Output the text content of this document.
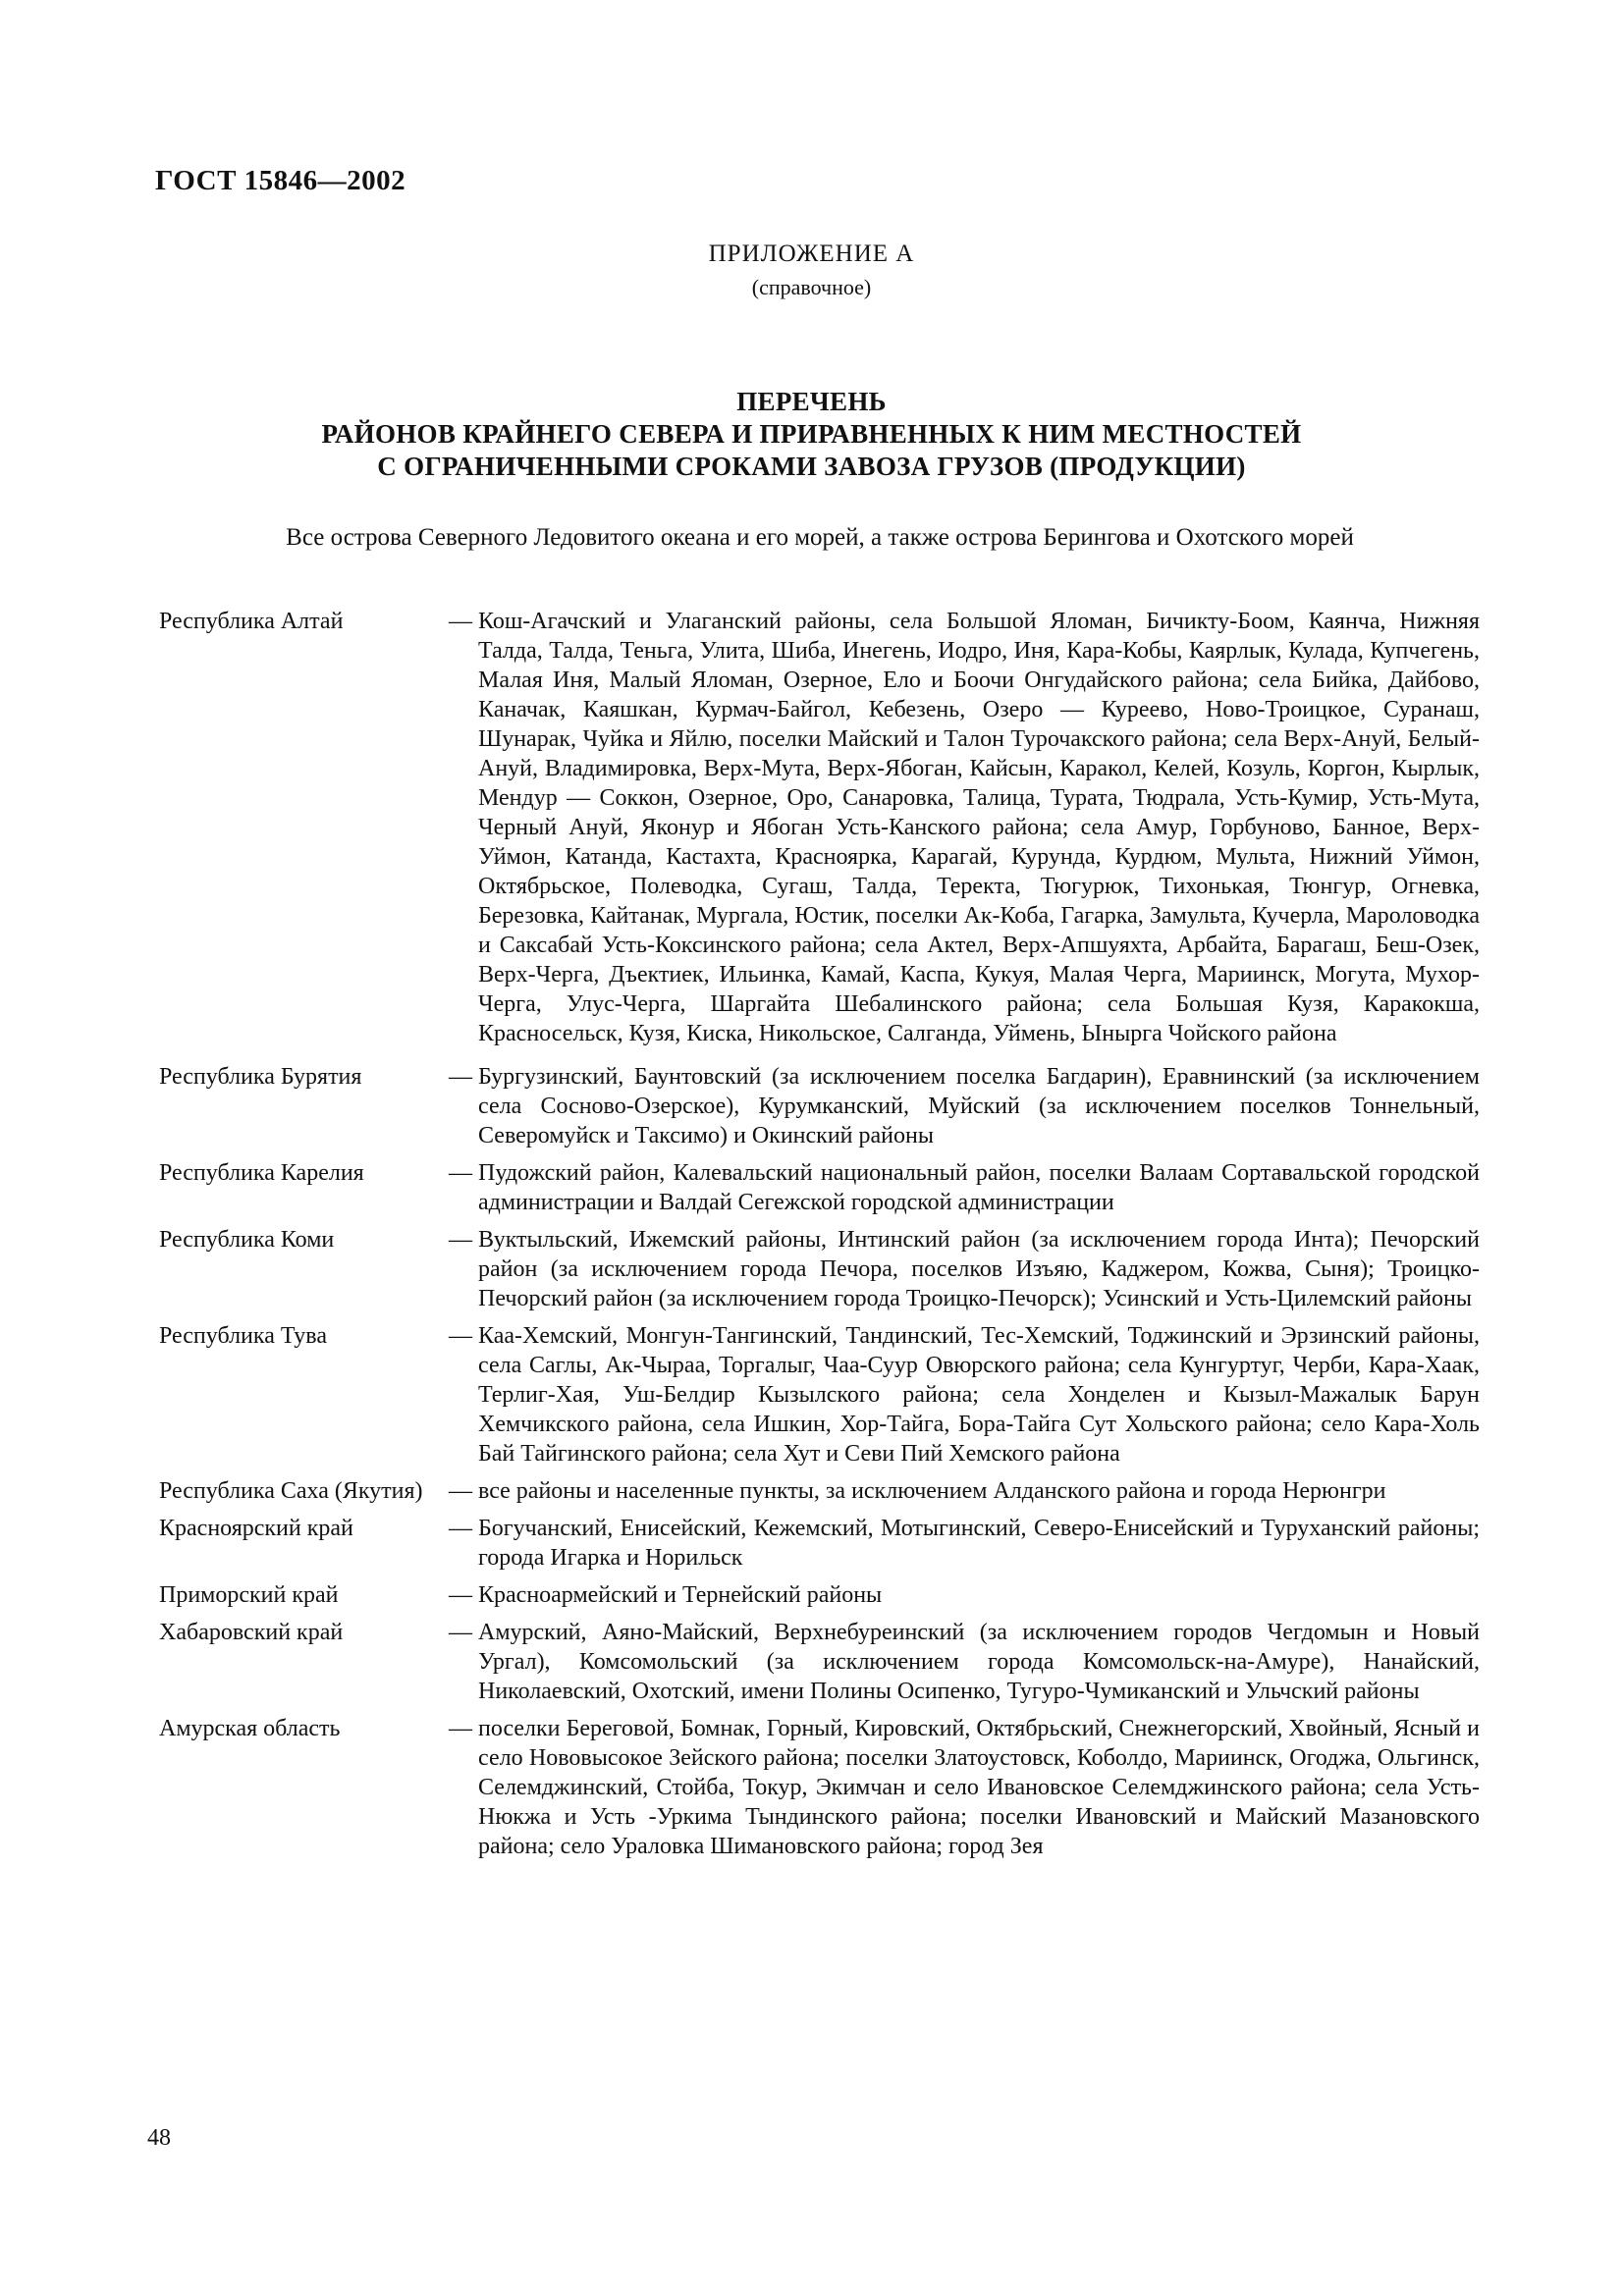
ГОСТ 15846—2002
ПРИЛОЖЕНИЕ А
(справочное)
ПЕРЕЧЕНЬ
РАЙОНОВ КРАЙНЕГО СЕВЕРА И ПРИРАВНЕННЫХ К НИМ МЕСТНОСТЕЙ
С ОГРАНИЧЕННЫМИ СРОКАМИ ЗАВОЗА ГРУЗОВ (ПРОДУКЦИИ)
Все острова Северного Ледовитого океана и его морей, а также острова Берингова и Охотского морей
Республика Алтай	— Кош-Агачский и Улаганский районы, села Большой Яломан, Бичикту-Боом, Каянча, Нижняя Талда, Талда, Теньга, Улита, Шиба, Инегень, Иодро, Иня, Кара-Кобы, Каярлык, Кулада, Купчегень, Малая Иня, Малый Яломан, Озерное, Ело и Боочи Онгудайского района; села Бийка, Дайбово, Каначак, Каяшкан, Курмач-Байгол, Кебезень, Озеро — Куреево, Ново-Троицкое, Суранаш, Шунарак, Чуйка и Яйлю, поселки Майский и Талон Турочакского района; села Верх-Ануй, Белый-Ануй, Владимировка, Верх-Мута, Верх-Ябоган, Кайсын, Каракол, Келей, Козуль, Коргон, Кырлык, Мендур — Соккон, Озерное, Оро, Санаровка, Талица, Турата, Тюдрала, Усть-Кумир, Усть-Мута, Черный Ануй, Яконур и Ябоган Усть-Канского района; села Амур, Горбуново, Банное, Верх-Уймон, Катанда, Кастахта, Красноярка, Карагай, Курунда, Курдюм, Мульта, Нижний Уймон, Октябрьское, Полеводка, Сугаш, Талда, Теректа, Тюгурюк, Тихонькая, Тюнгур, Огневка, Березовка, Кайтанак, Мургала, Юстик, поселки Ак-Коба, Гагарка, Замульта, Кучерла, Мароловодка и Саксабай Усть-Коксинского района; села Актел, Верх-Апшуяхта, Арбайта, Барагаш, Беш-Озек, Верх-Черга, Дъектиек, Ильинка, Камай, Каспа, Кукуя, Малая Черга, Мариинск, Могута, Мухор-Черга, Улус-Черга, Шаргайта Шебалинского района; села Большая Кузя, Каракокша, Красносельск, Кузя, Киска, Никольское, Салганда, Уймень, Ынырга Чойского района
Республика Бурятия	— Бургузинский, Баунтовский (за исключением поселка Багдарин), Еравнинский (за исключением села Сосново-Озерское), Курумканский, Муйский (за исключением поселков Тоннельный, Северомуйск и Таксимо) и Окинский районы
Республика Карелия	— Пудожский район, Калевальский национальный район, поселки Валаам Сортавальской городской администрации и Валдай Сегежской городской администрации
Республика Коми	— Вуктыльский, Ижемский районы, Интинский район (за исключением города Инта); Печорский район (за исключением города Печора, поселков Изъяю, Каджером, Кожва, Сыня); Троицко-Печорский район (за исключением города Троицко-Печорск); Усинский и Усть-Цилемский районы
Республика Тува	— Каа-Хемский, Монгун-Тангинский, Тандинский, Тес-Хемский, Тоджинский и Эрзинский районы, села Саглы, Ак-Чыраа, Торгалыг, Чаа-Суур Овюрского района; села Кунгуртуг, Черби, Кара-Хаак, Терлиг-Хая, Уш-Белдир Кызылского района; села Хонделен и Кызыл-Мажалык Барун Хемчикского района, села Ишкин, Хор-Тайга, Бора-Тайга Сут Хольского района; село Кара-Холь Бай Тайгинского района; села Хут и Севи Пий Хемского района
Республика Саха (Якутия)	— все районы и населенные пункты, за исключением Алданского района и города Нерюнгри
Красноярский край	— Богучанский, Енисейский, Кежемский, Мотыгинский, Северо-Енисейский и Туруханский районы; города Игарка и Норильск
Приморский край	— Красноармейский и Тернейский районы
Хабаровский край	— Амурский, Аяно-Майский, Верхнебуреинский (за исключением городов Чегдомын и Новый Ургал), Комсомольский (за исключением города Комсомольск-на-Амуре), Нанайский, Николаевский, Охотский, имени Полины Осипенко, Тугуро-Чумиканский и Ульчский районы
Амурская область	— поселки Береговой, Бомнак, Горный, Кировский, Октябрьский, Снежнегорский, Хвойный, Ясный и село Нововысокое Зейского района; поселки Златоустовск, Коболдо, Мариинск, Огоджа, Ольгинск, Селемджинский, Стойба, Токур, Экимчан и село Ивановское Селемджинского района; села Усть-Нюкжа и Усть -Уркима Тындинского района; поселки Ивановский и Майский Мазановского района; село Ураловка Шимановского района; город Зея
48
